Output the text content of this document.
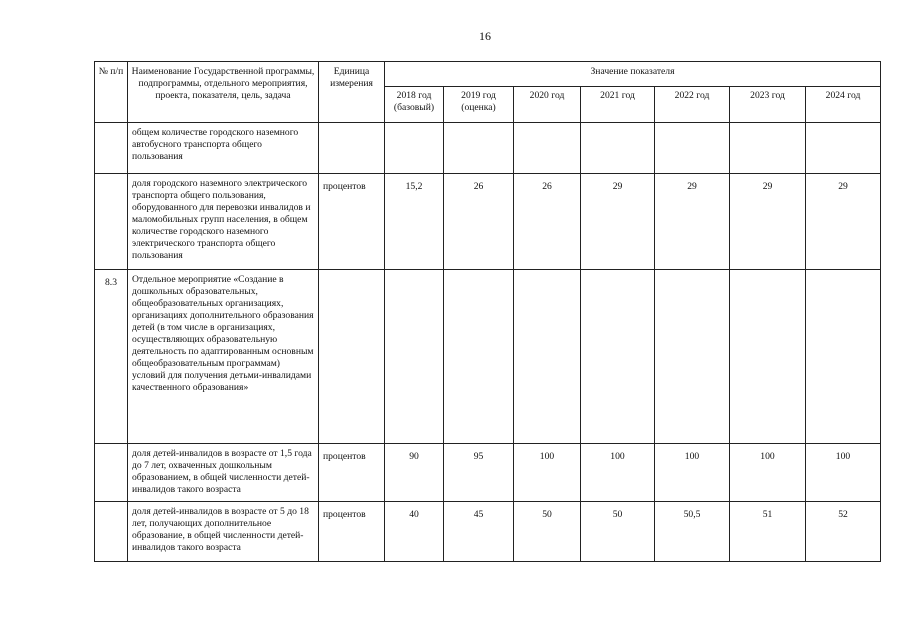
16
№ п/п	Наименование Государственной программы, подпрограммы, отдельного мероприятия, проекта, показателя, цель, задача	Единица измерения	Значение показателя						
			2018 год (базовый)	2019 год (оценка)	2020 год	2021 год	2022 год	2023 год	2024 год
	общем количестве городского наземного автобусного транспорта общего пользования								
	доля городского наземного электрического транспорта общего пользования, оборудованного для перевозки инвалидов и маломобильных групп населения, в общем количестве городского наземного электрического транспорта общего пользования	процентов	15,2	26	26	29	29	29	29
8.3	Отдельное мероприятие «Создание в дошкольных образовательных, общеобразовательных организациях, организациях дополнительного образования детей (в том числе в организациях, осуществляющих образовательную деятельность по адаптированным основным общеобразовательным программам) условий для получения детьми-инвалидами качественного образования»								
	доля детей-инвалидов в возрасте от 1,5 года до 7 лет, охваченных дошкольным образованием, в общей численности детей-инвалидов такого возраста	процентов	90	95	100	100	100	100	100
	доля детей-инвалидов в возрасте от 5 до 18 лет, получающих дополнительное образование, в общей численности детей-инвалидов такого возраста	процентов	40	45	50	50	50,5	51	52
